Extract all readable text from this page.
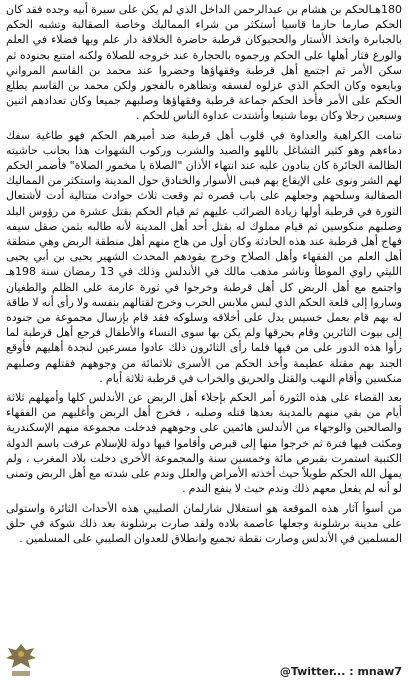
180هـالحكم بن هشام بن عبدالرحمن الداخل الذي لم يكن على سيرة أبيه وجده فقد كان الحكم صارما حازما قاسيا أستكثر من شراء المماليك وخاصة الصقالبة وتشبه الحكم بالجبابرة واتخذ الأستار والحجبوكان قرطبة حاضرة الخلافة دار علم وبها فضلاء في العلم والورع فثار أهلها على الحكم ورجموه بالحجارة عند خروجه للصلاة ولكنه امتنع بجنوده ثم سكن الأمر ثم اجتمع أهل قرطبة وفقهاؤها وحضروا عند محمد بن القاسم المرواني وبايعوه وكان الحكم الذي عزلوه لفسقه وتظاهره بالفجور ولكن محمد بن القاسم يطلع الحكم على الأمر فأخذ الحكم جماعة قرطبة وفقهاؤها وصلبهم جميعا وكان تعدادهم اثنين وسبعين رجلا وكان يوما شنيعا وأشتدت عداوة الناس للحكم .

تنامت الكراهية والعداوة في قلوب أهل قرطبة ضد أميرهم الحكم فهو طاغية سفك دماءهم وهو كثير التشاغل باللهو والصيد والشرب وركوب الشهوات هذا بجانب حاشيته الظالمة الجائرة كان ينادون عليه عند انتهاء الأذان "الصلاة يا مخمور الصلاة" فأضمر الحكم لهم الشر ونوى على الإيقاع بهم فبنى الأسوار والخنادق حول المدينة واستكثر من المماليك الصقالبة وسلحهم وجعلهم على باب قصره ثم وقعت ثلاث حوادث متتالية أدت لأشتعال الثورة في قرطبة أولها زيادة الضرائب عليهم ثم قيام الحكم بقتل عشرة من رؤوس البلد وصلبهم منكوسين ثم قيام مملوك له بقتل أحد أهل المدينة لأنه طالبه بثمن صقل سيفه فهاج أهل قرطبة عند هذه الحادثة وكان أول من هاج منهم أهل منطقة الربض وهي منطقة أهل العلم من الفقهاء وأهل الصلاح وخرج يقودهم المحدث الشهير يحيى بن أبي يحيى الليثي راوي الموطأ وناشر مذهب مالك في الأندلس وذلك في 13 رمضان سنة 198هـ واجتمع مع أهل الربض كل أهل قرطبة وخرجوا في ثورة عارمة على الظلم والطغيان وساروا إلى قلعة الحكم الذي لبس ملابس الحرب وخرج لقتالهم بنفسه ولا رأى أنه لا طاقة له بهم قام بعمل خسيس يدل على أخلاقه وسلوكه فقد قام بإرسال مجموعة من جنوده إلى بيوت الثائرين وقام بحرقها ولم يكن بها سوى النساء والأطفال فرجع أهل قرطبة لما رأوا هذه الدور على من فيها فلما رأى الثائرون ذلك عادوا مسرعين لنجدة أهليهم فأوقع الجند بهم مقتلة عظيمة وأخذ الحكم من الأسرى ثلاثمائة من وجوههم فقتلهم وصلبهم منكسين وأقام النهب والقتل والحريق والخراب في قرطبة ثلاثة أيام .

بعد القضاء على هذه الثورة أمر الحكم بإجلاء أهل الربض عن الأندلس كلها وأمهلهم ثلاثة أيام من بقي منهم بالمدينة بعدها قتله وصلبه ، فخرج أهل الربض وأغلبهم من الفقهاء والصالحين والوجهاء من الأندلس هائمين على وجوههم فدخلت مجموعة منهم الإسكندرية ومكثت فيها فترة ثم خرجوا منها إلى قبرص وأقاموا فيها دولة للإسلام عرفت باسم الدولة الكتبية استمرت بقبرص مائة وخمسين سنة والمجموعة الأخرى دخلت بلاد المغرب ، ولم يمهل الله الحكم طويلاً حيث أخذته الأمراض والعلل وندم على شدته مع أهل الربض وتمنى لو أنه لم يفعل معهم ذلك وندم حيث لا ينفع الندم .

من أسوأ آثار هذه الموقعة هو استغلال شارلمان الصليبي هذه الأحداث الثائرة واستولى على مدينة برشلونة وجعلها عاصمة بلاده ولقد صارت برشلونة بعد ذلك شوكة في حلق المسلمين في الأندلس وصارت نقطة تجميع وانطلاق للعدوان الصليبي على المسلمين .

Twitter... : mnaw7@
